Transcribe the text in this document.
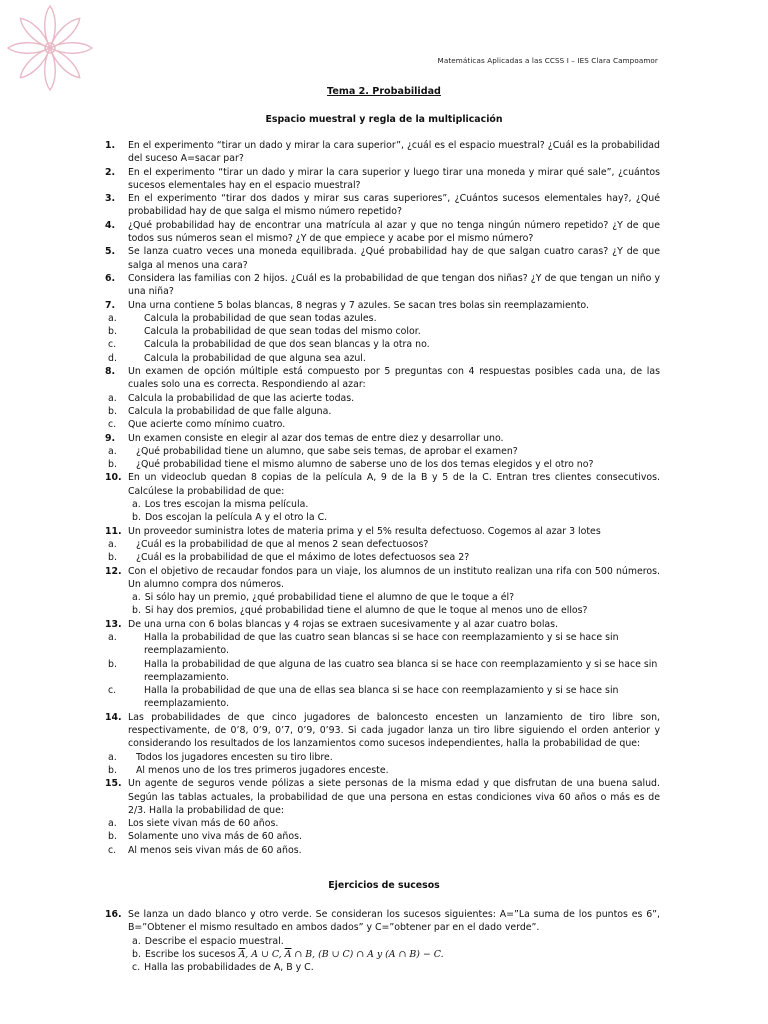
Matemáticas Aplicadas a las CCSS I – IES Clara Campoamor
Tema 2. Probabilidad
Espacio muestral y regla de la multiplicación
1. En el experimento “tirar un dado y mirar la cara superior”, ¿cuál es el espacio muestral? ¿Cuál es la probabilidad del suceso A=sacar par?
2. En el experimento “tirar un dado y mirar la cara superior y luego tirar una moneda y mirar qué sale”, ¿cuántos sucesos elementales hay en el espacio muestral?
3. En el experimento “tirar dos dados y mirar sus caras superiores”, ¿Cuántos sucesos elementales hay?, ¿Qué probabilidad hay de que salga el mismo número repetido?
4. ¿Qué probabilidad hay de encontrar una matrícula al azar y que no tenga ningún número repetido? ¿Y de que todos sus números sean el mismo? ¿Y de que empiece y acabe por el mismo número?
5. Se lanza cuatro veces una moneda equilibrada. ¿Qué probabilidad hay de que salgan cuatro caras? ¿Y de que salga al menos una cara?
6. Considera las familias con 2 hijos. ¿Cuál es la probabilidad de que tengan dos niñas? ¿Y de que tengan un niño y una niña?
7. Una urna contiene 5 bolas blancas, 8 negras y 7 azules. Se sacan tres bolas sin reemplazamiento.
a.	Calcula la probabilidad de que sean todas azules.
b.	Calcula la probabilidad de que sean todas del mismo color.
c.	Calcula la probabilidad de que dos sean blancas y la otra no.
d.	Calcula la probabilidad de que alguna sea azul.
8. Un examen de opción múltiple está compuesto por 5 preguntas con 4 respuestas posibles cada una, de las cuales solo una es correcta. Respondiendo al azar:
a. Calcula la probabilidad de que las acierte todas.
b. Calcula la probabilidad de que falle alguna.
c. Que acierte como mínimo cuatro.
9. Un examen consiste en elegir al azar dos temas de entre diez y desarrollar uno.
a. ¿Qué probabilidad tiene un alumno, que sabe seis temas, de aprobar el examen?
b. ¿Qué probabilidad tiene el mismo alumno de saberse uno de los dos temas elegidos y el otro no?
10. En un videoclub quedan 8 copias de la película A, 9 de la B y 5 de la C. Entran tres clientes consecutivos. Calcúlese la probabilidad de que:
a. Los tres escojan la misma película.
b. Dos escojan la película A y el otro la C.
11. Un proveedor suministra lotes de materia prima y el 5% resulta defectuoso. Cogemos al azar 3 lotes
a. ¿Cuál es la probabilidad de que al menos 2 sean defectuosos?
b. ¿Cuál es la probabilidad de que el máximo de lotes defectuosos sea 2?
12. Con el objetivo de recaudar fondos para un viaje, los alumnos de un instituto realizan una rifa con 500 números. Un alumno compra dos números.
a. Si sólo hay un premio, ¿qué probabilidad tiene el alumno de que le toque a él?
b. Si hay dos premios, ¿qué probabilidad tiene el alumno de que le toque al menos uno de ellos?
13. De una urna con 6 bolas blancas y 4 rojas se extraen sucesivamente y al azar cuatro bolas.
a.	Halla la probabilidad de que las cuatro sean blancas si se hace con reemplazamiento y si se hace sin reemplazamiento.
b.	Halla la probabilidad de que alguna de las cuatro sea blanca si se hace con reemplazamiento y si se hace sin reemplazamiento.
c.	Halla la probabilidad de que una de ellas sea blanca si se hace con reemplazamiento y si se hace sin reemplazamiento.
14. Las probabilidades de que cinco jugadores de baloncesto encesten un lanzamiento de tiro libre son, respectivamente, de 0’8, 0’9, 0’7, 0’9, 0’93. Si cada jugador lanza un tiro libre siguiendo el orden anterior y considerando los resultados de los lanzamientos como sucesos independientes, halla la probabilidad de que:
a. Todos los jugadores encesten su tiro libre.
b. Al menos uno de los tres primeros jugadores enceste.
15. Un agente de seguros vende pólizas a siete personas de la misma edad y que disfrutan de una buena salud. Según las tablas actuales, la probabilidad de que una persona en estas condiciones viva 60 años o más es de 2/3. Halla la probabilidad de que:
a. Los siete vivan más de 60 años.
b. Solamente uno viva más de 60 años.
c. Al menos seis vivan más de 60 años.
Ejercicios de sucesos
16. Se lanza un dado blanco y otro verde. Se consideran los sucesos siguientes: A=”La suma de los puntos es 6”, B=”Obtener el mismo resultado en ambos dados” y C=”obtener par en el dado verde”.
a. Describe el espacio muestral.
b. Escribe los sucesos $\overline{A}$, A ∪ C, $\overline{A}$ ∩ B, (B ∪ C) ∩ A y (A ∩ B) − C.
c. Halla las probabilidades de A, B y C.
